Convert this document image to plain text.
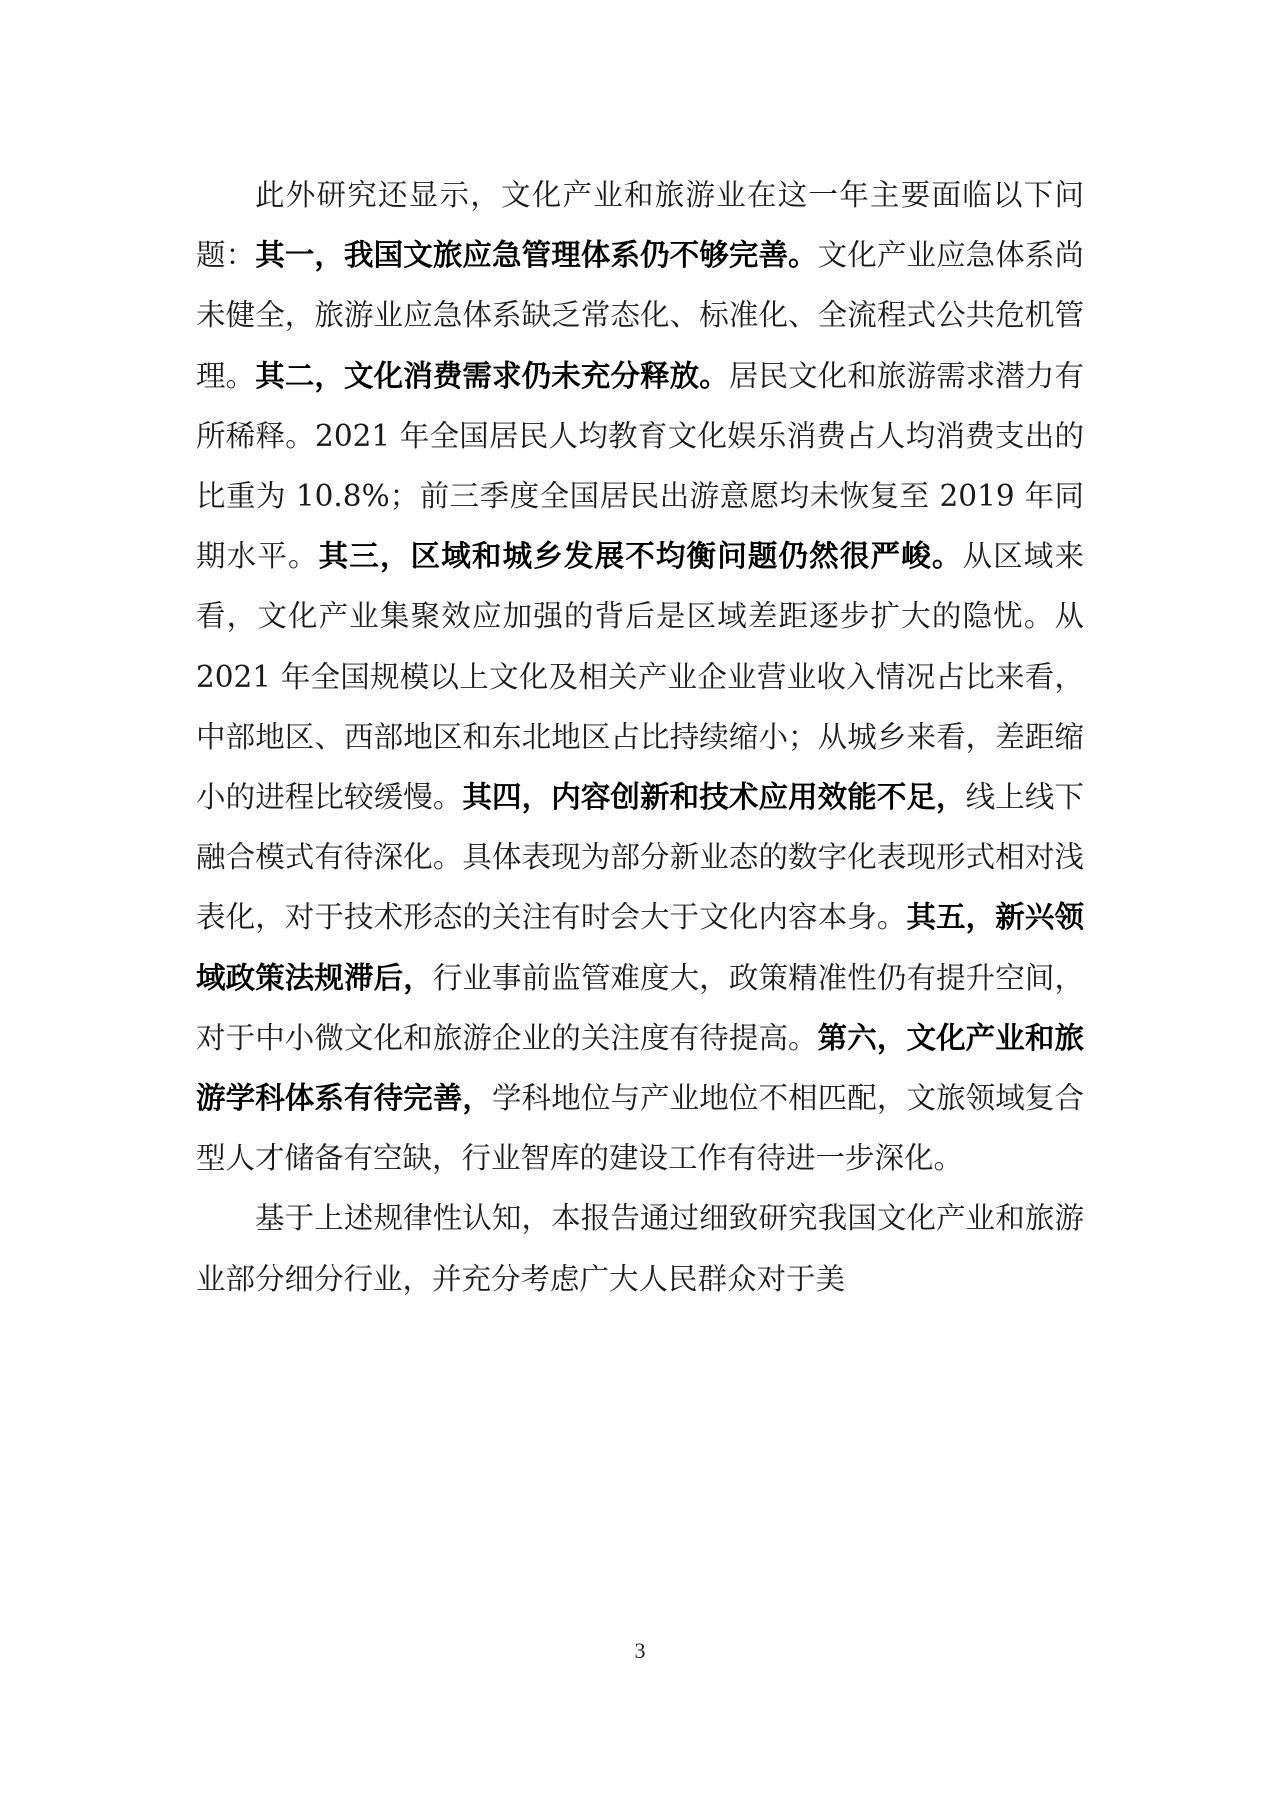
此外研究还显示，文化产业和旅游业在这一年主要面临以下问题：其一，我国文旅应急管理体系仍不够完善。文化产业应急体系尚未健全，旅游业应急体系缺乏常态化、标准化、全流程式公共危机管理。其二，文化消费需求仍未充分释放。居民文化和旅游需求潜力有所稀释。2021 年全国居民人均教育文化娱乐消费占人均消费支出的比重为 10.8%；前三季度全国居民出游意愿均未恢复至 2019 年同期水平。其三，区域和城乡发展不均衡问题仍然很严峻。从区域来看，文化产业集聚效应加强的背后是区域差距逐步扩大的隐忧。从 2021 年全国规模以上文化及相关产业企业营业收入情况占比来看，中部地区、西部地区和东北地区占比持续缩小；从城乡来看，差距缩小的进程比较缓慢。其四，内容创新和技术应用效能不足，线上线下融合模式有待深化。具体表现为部分新业态的数字化表现形式相对浅表化，对于技术形态的关注有时会大于文化内容本身。其五，新兴领域政策法规滞后，行业事前监管难度大，政策精准性仍有提升空间，对于中小微文化和旅游企业的关注度有待提高。第六，文化产业和旅游学科体系有待完善，学科地位与产业地位不相匹配，文旅领域复合型人才储备有空缺，行业智库的建设工作有待进一步深化。

基于上述规律性认知，本报告通过细致研究我国文化产业和旅游业部分细分行业，并充分考虑广大人民群众对于美

3
